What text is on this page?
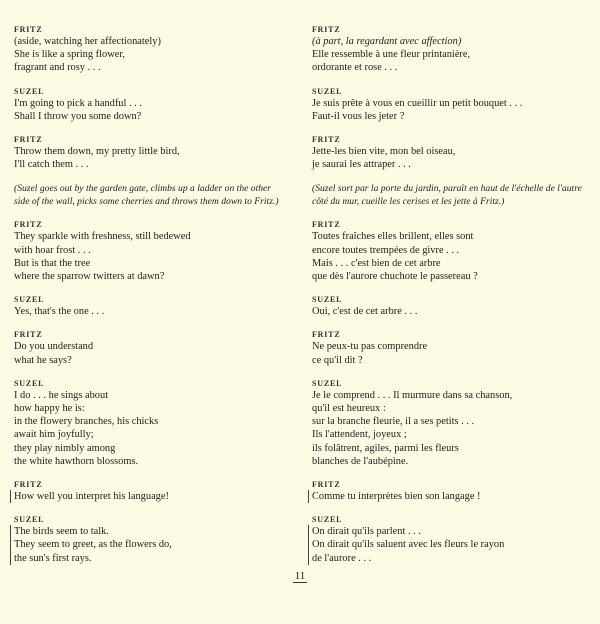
FRITZ
(aside, watching her affectionately)
She is like a spring flower,
fragrant and rosy . . .
SUZEL
I'm going to pick a handful . . .
Shall I throw you some down?
FRITZ
Throw them down, my pretty little bird,
I'll catch them . . .
(Suzel goes out by the garden gate, climbs up a ladder on the other side of the wall, picks some cherries and throws them down to Fritz.)
FRITZ
They sparkle with freshness, still bedewed
with hoar frost . . .
But is that the tree
where the sparrow twitters at dawn?
SUZEL
Yes, that's the one . . .
FRITZ
Do you understand
what he says?
SUZEL
I do . . . he sings about
how happy he is:
in the flowery branches, his chicks
await him joyfully;
they play nimbly among
the white hawthorn blossoms.
FRITZ
How well you interpret his language!
SUZEL
The birds seem to talk.
They seem to greet, as the flowers do,
the sun's first rays.
FRITZ
(à part, la regardant avec affection)
Elle ressemble à une fleur printanière,
ordorante et rose . . .
SUZEL
Je suis prête à vous en cueillir un petit bouquet . . .
Faut-il vous les jeter ?
FRITZ
Jette-les bien vite, mon bel oiseau,
je saurai les attraper . . .
(Suzel sort par la porte du jardin, paraît en haut de l'échelle de l'autre côté du mur, cueille les cerises et les jette à Fritz.)
FRITZ
Toutes fraîches elles brillent, elles sont
encore toutes trempées de givre . . .
Mais . . . c'est bien de cet arbre
que dès l'aurore chuchote le passereau ?
SUZEL
Oui, c'est de cet arbre . . .
FRITZ
Ne peux-tu pas comprendre
ce qu'il dit ?
SUZEL
Je le comprend . . . Il murmure dans sa chanson,
qu'il est heureux :
sur la branche fleurie, il a ses petits . . .
Ils l'attendent, joyeux ;
ils folâtrent, agiles, parmi les fleurs
blanches de l'aubépine.
FRITZ
Comme tu interprètes bien son langage !
SUZEL
On dirait qu'ils parlent . . .
On dirait qu'ils saluent avec les fleurs le rayon
de l'aurore . . .
11
